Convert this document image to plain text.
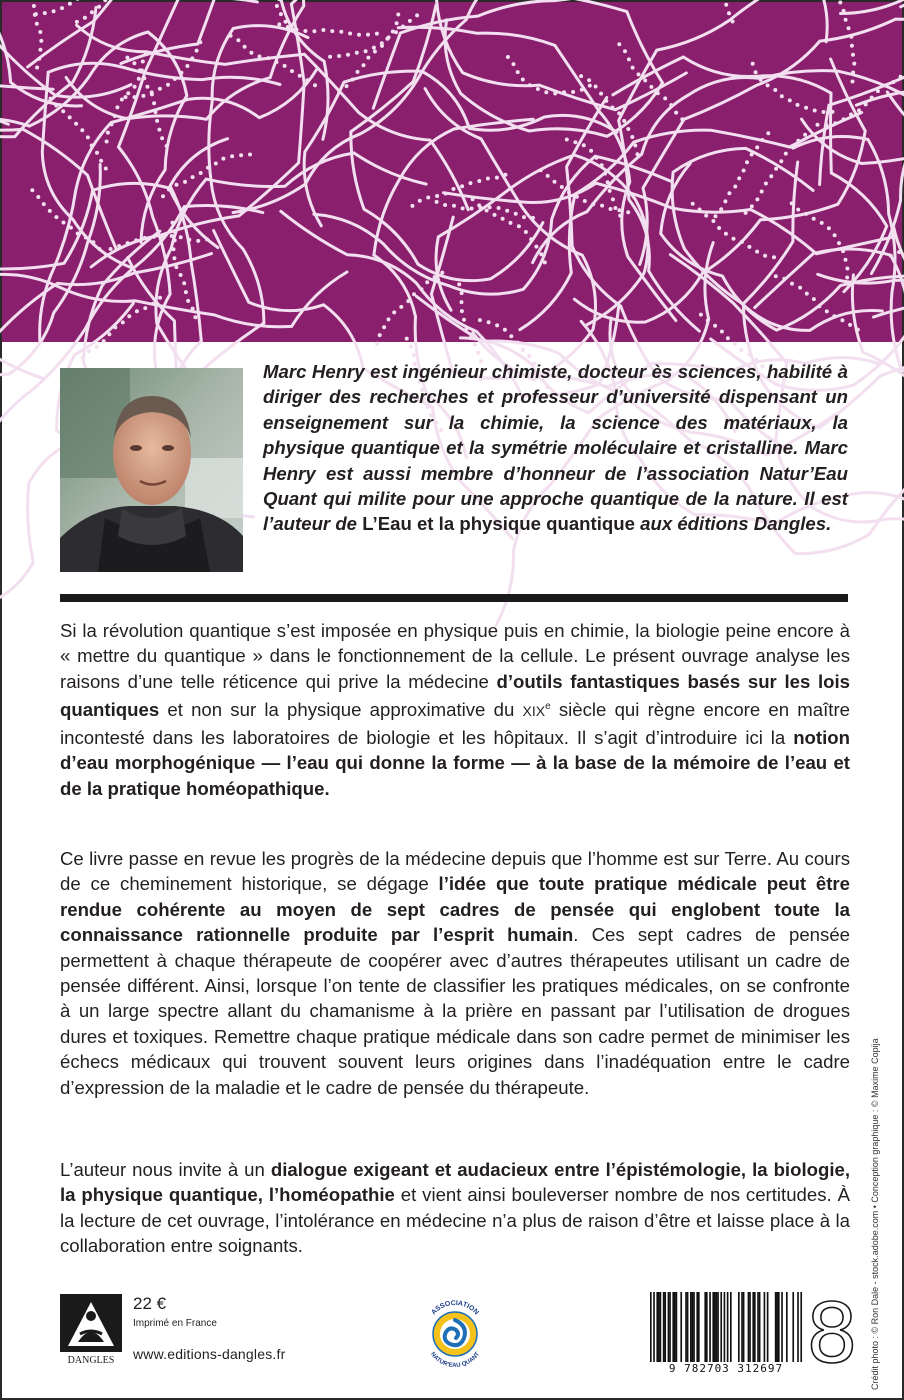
Marc Henry est ingénieur chimiste, docteur ès sciences, habilité à diriger des recherches et professeur d’université dispensant un enseignement sur la chimie, la science des matériaux, la physique quantique et la symétrie moléculaire et cristalline. Marc Henry est aussi membre d’honneur de l’association Natur’Eau Quant qui milite pour une approche quantique de la nature. Il est l’auteur de L’Eau et la physique quantique aux éditions Dangles.
Si la révolution quantique s’est imposée en physique puis en chimie, la biologie peine encore à « mettre du quantique » dans le fonctionnement de la cellule. Le présent ouvrage analyse les raisons d’une telle réticence qui prive la médecine d’outils fantastiques basés sur les lois quantiques et non sur la physique approximative du XIXe siècle qui règne encore en maître incontesté dans les laboratoires de biologie et les hôpitaux. Il s’agit d’introduire ici la notion d’eau morphogénique — l’eau qui donne la forme — à la base de la mémoire de l’eau et de la pratique homéopathique.
Ce livre passe en revue les progrès de la médecine depuis que l’homme est sur Terre. Au cours de ce cheminement historique, se dégage l’idée que toute pratique médicale peut être rendue cohérente au moyen de sept cadres de pensée qui englobent toute la connaissance rationnelle produite par l’esprit humain. Ces sept cadres de pensée permettent à chaque thérapeute de coopérer avec d’autres thérapeutes utilisant un cadre de pensée différent. Ainsi, lorsque l’on tente de classifier les pratiques médicales, on se confronte à un large spectre allant du chamanisme à la prière en passant par l’utilisation de drogues dures et toxiques. Remettre chaque pratique médicale dans son cadre permet de minimiser les échecs médicaux qui trouvent souvent leurs origines dans l’inadéquation entre le cadre d’expression de la maladie et le cadre de pensée du thérapeute.
L’auteur nous invite à un dialogue exigeant et audacieux entre l’épistémologie, la biologie, la physique quantique, l’homéopathie et vient ainsi bouleverser nombre de nos certitudes. À la lecture de cet ouvrage, l’intolérance en médecine n’a plus de raison d’être et laisse place à la collaboration entre soignants.
DANGLES
22 €
Imprimé en France
www.editions-dangles.fr
ASSOCIATION
NATUR'EAU QUANT
9 782703 312697 8 Crédit photo : © Ron Dale - stock.adobe.com • Conception graphique : © Maxime Copija
